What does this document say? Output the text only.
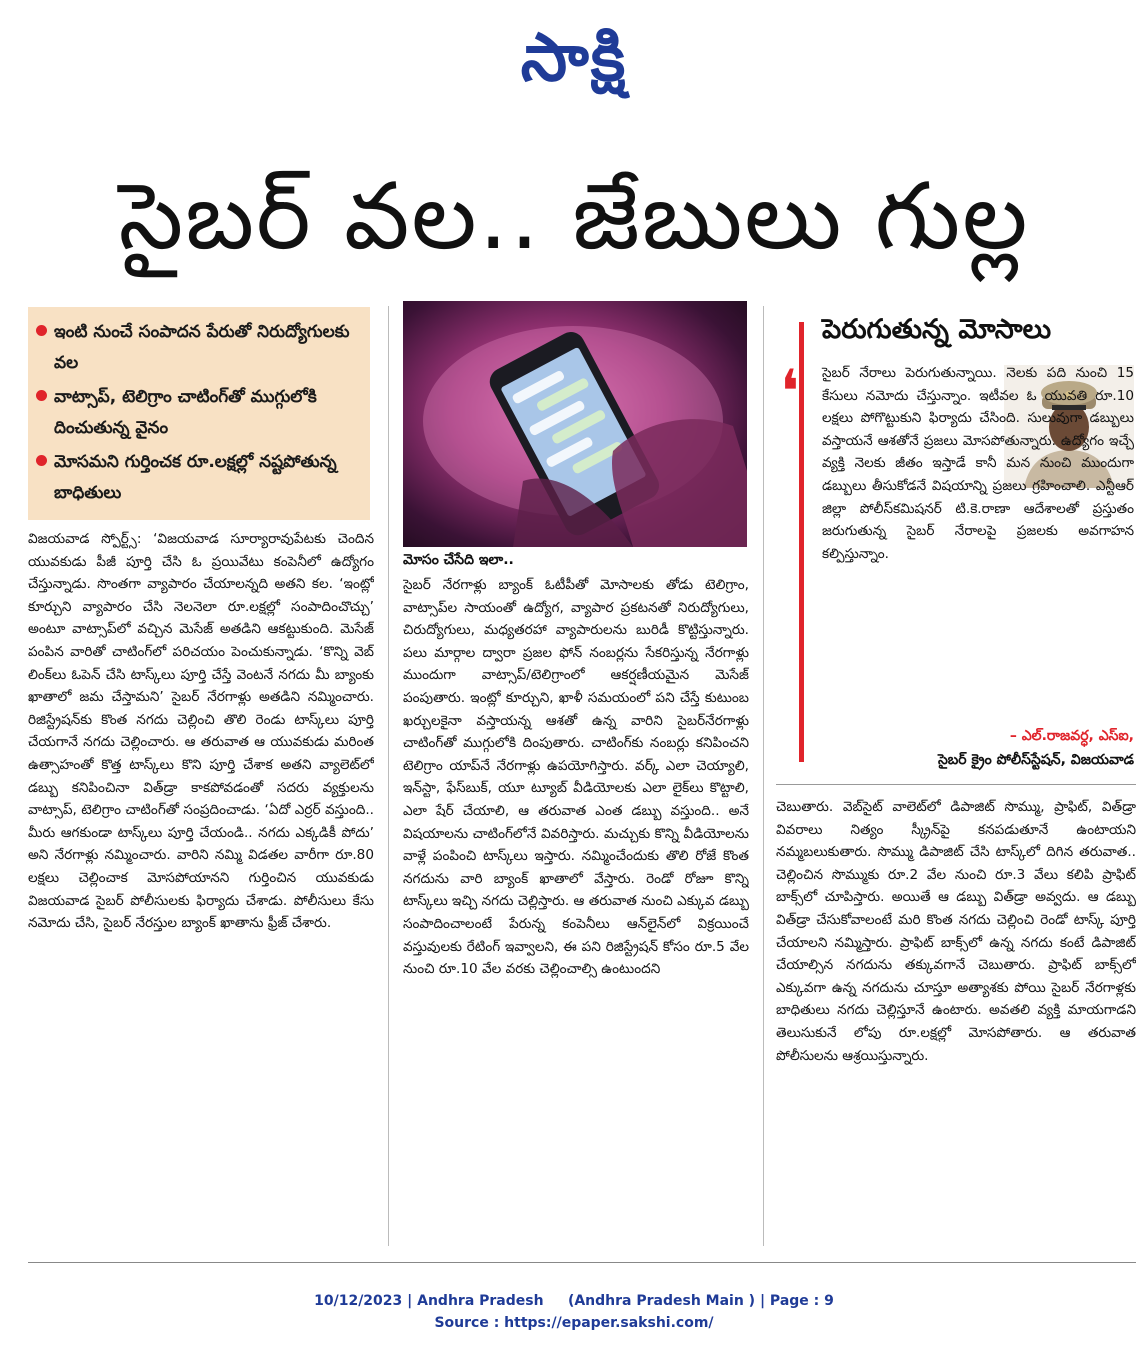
సాక్షి
సైబర్ వల.. జేబులు గుల్ల
ఇంటి నుంచే సంపాదన పేరుతో నిరుద్యోగులకు వల
వాట్సాప్, టెలిగ్రాం చాటింగ్‌తో ముగ్గులోకి దించుతున్న వైనం
మోసమని గుర్తించక రూ.లక్షల్లో నష్టపోతున్న బాధితులు

విజయవాడ స్పోర్ట్స్: ‘విజయవాడ సూర్యారావుపేటకు చెందిన యువకుడు పీజీ పూర్తి చేసి ఓ ప్రయివేటు కంపెనీలో ఉద్యోగం చేస్తున్నాడు. సొంతగా వ్యాపారం చేయాలన్నది అతని కల. ‘ఇంట్లో కూర్చుని వ్యాపారం చేసి నెలనెలా రూ.లక్షల్లో సంపాదించొచ్చు’ అంటూ వాట్సాప్‌లో వచ్చిన మెసేజ్ అతడిని ఆకట్టుకుంది. మెసేజ్ పంపిన వారితో చాటింగ్‌లో పరిచయం పెంచుకున్నాడు. ‘కొన్ని వెబ్ లింక్‌లు ఓపెన్ చేసి టాస్క్‌లు పూర్తి చేస్తే వెంటనే నగదు మీ బ్యాంకు ఖాతాలో జమ చేస్తామని’ సైబర్ నేరగాళ్లు అతడిని నమ్మించారు. రిజిస్ట్రేషన్‌కు కొంత నగదు చెల్లించి తొలి రెండు టాస్క్‌లు పూర్తి చేయగానే నగదు చెల్లించారు. ఆ తరువాత ఆ యువకుడు మరింత ఉత్సాహంతో కొత్త టాస్క్‌లు కొని పూర్తి చేశాక అతని వ్యాలెట్‌లో డబ్బు కనిపించినా విత్‌డ్రా కాకపోవడంతో సదరు వ్యక్తులను వాట్సాప్, టెలిగ్రాం చాటింగ్‌తో సంప్రదించాడు. ‘ఏదో ఎర్రర్ వస్తుంది.. మీరు ఆగకుండా టాస్క్‌లు పూర్తి చేయండి.. నగదు ఎక్కడికీ పోదు’ అని నేరగాళ్లు నమ్మించారు. వారిని నమ్మి విడతల వారీగా రూ.80 లక్షలు చెల్లించాక మోసపోయానని గుర్తించిన యువకుడు విజయవాడ సైబర్ పోలీసులకు ఫిర్యాదు చేశాడు. పోలీసులు కేసు నమోదు చేసి, సైబర్ నేరస్తుల బ్యాంక్ ఖాతాను ఫ్రీజ్ చేశారు.

మోసం చేసేది ఇలా..

సైబర్ నేరగాళ్లు బ్యాంక్ ఓటీపీతో మోసాలకు తోడు టెలిగ్రాం, వాట్సాప్‌ల సాయంతో ఉద్యోగ, వ్యాపార ప్రకటనతో నిరుద్యోగులు, చిరుద్యోగులు, మధ్యతరహా వ్యాపారులను బురిడీ కొట్టిస్తున్నారు. పలు మార్గాల ద్వారా ప్రజల ఫోన్ నంబర్లను సేకరిస్తున్న నేరగాళ్లు ముందుగా వాట్సాప్/టెలిగ్రాంలో ఆకర్షణీయమైన మెసేజ్ పంపుతారు. ఇంట్లో కూర్చుని, ఖాళీ సమయంలో పని చేస్తే కుటుంబ ఖర్చులకైనా వస్తాయన్న ఆశతో ఉన్న వారిని సైబర్‌నేరగాళ్లు చాటింగ్‌తో ముగ్గులోకి దింపుతారు. చాటింగ్‌కు నంబర్లు కనిపించని టెలిగ్రాం యాప్‌నే నేరగాళ్లు ఉపయోగిస్తారు. వర్క్ ఎలా చెయ్యాలి, ఇన్‌స్టా, ఫేస్‌బుక్, యూ ట్యూబ్ వీడియోలకు ఎలా లైక్‌లు కొట్టాలి, ఎలా షేర్ చేయాలి, ఆ తరువాత ఎంత డబ్బు వస్తుంది.. అనే విషయాలను చాటింగ్‌లోనే వివరిస్తారు. మచ్చుకు కొన్ని వీడియోలను వాళ్లే పంపించి టాస్క్‌లు ఇస్తారు. నమ్మించేందుకు తొలి రోజే కొంత నగదును వారి బ్యాంక్ ఖాతాలో వేస్తారు. రెండో రోజూ కొన్ని టాస్క్‌లు ఇచ్చి నగదు చెల్లిస్తారు. ఆ తరువాత నుంచి ఎక్కువ డబ్బు సంపాదించాలంటే పేరున్న కంపెనీలు ఆన్‌లైన్‌లో విక్రయించే వస్తువులకు రేటింగ్ ఇవ్వాలని, ఈ పని రిజిస్ట్రేషన్ కోసం రూ.5 వేల నుంచి రూ.10 వేల వరకు చెల్లించాల్సి ఉంటుందని

పెరుగుతున్న మోసాలు
❛ సైబర్ నేరాలు పెరుగుతున్నాయి. నెలకు పది నుంచి 15 కేసులు నమోదు చేస్తున్నాం. ఇటీవల ఓ యువతి రూ.10 లక్షలు పోగొట్టుకుని ఫిర్యాదు చేసింది. సులువుగా డబ్బులు వస్తాయనే ఆశతోనే ప్రజలు మోసపోతున్నారు. ఉద్యోగం ఇచ్చే వ్యక్తి నెలకు జీతం ఇస్తాడే కానీ మన నుంచి ముందుగా డబ్బులు తీసుకోడనే విషయాన్ని ప్రజలు గ్రహించాలి. ఎన్టీఆర్ జిల్లా పోలీస్‌కమిషనర్ టి.కె.రాణా ఆదేశాలతో ప్రస్తుతం జరుగుతున్న సైబర్ నేరాలపై ప్రజలకు అవగాహన కల్పిస్తున్నాం.
– ఎల్.రాజవర్ధ, ఎస్ఐ,
సైబర్ క్రైం పోలీస్‌స్టేషన్, విజయవాడ

చెబుతారు. వెబ్‌సైట్ వాలెట్‌లో డిపాజిట్ సొమ్ము, ప్రాఫిట్, విత్‌డ్రా వివరాలు నిత్యం స్క్రీన్‌పై కనపడుతూనే ఉంటాయని నమ్మబలుకుతారు. సొమ్ము డిపాజిట్ చేసి టాస్క్‌లో దిగిన తరువాత.. చెల్లించిన సొమ్ముకు రూ.2 వేల నుంచి రూ.3 వేలు కలిపి ప్రాఫిట్ బాక్స్‌లో చూపిస్తారు. అయితే ఆ డబ్బు విత్‌డ్రా అవ్వదు. ఆ డబ్బు విత్‌డ్రా చేసుకోవాలంటే మరి కొంత నగదు చెల్లించి రెండో టాస్క్ పూర్తి చేయాలని నమ్మిస్తారు. ప్రాఫిట్ బాక్స్‌లో ఉన్న నగదు కంటే డిపాజిట్ చేయాల్సిన నగదును తక్కువగానే చెబుతారు. ప్రాఫిట్ బాక్స్‌లో ఎక్కువగా ఉన్న నగదును చూస్తూ అత్యాశకు పోయి సైబర్ నేరగాళ్లకు బాధితులు నగదు చెల్లిస్తూనే ఉంటారు. అవతలి వ్యక్తి మాయగాడని తెలుసుకునే లోపు రూ.లక్షల్లో మోసపోతారు. ఆ తరువాత పోలీసులను ఆశ్రయిస్తున్నారు.

10/12/2023 | Andhra Pradesh     (Andhra Pradesh Main ) | Page : 9
Source : https://epaper.sakshi.com/
